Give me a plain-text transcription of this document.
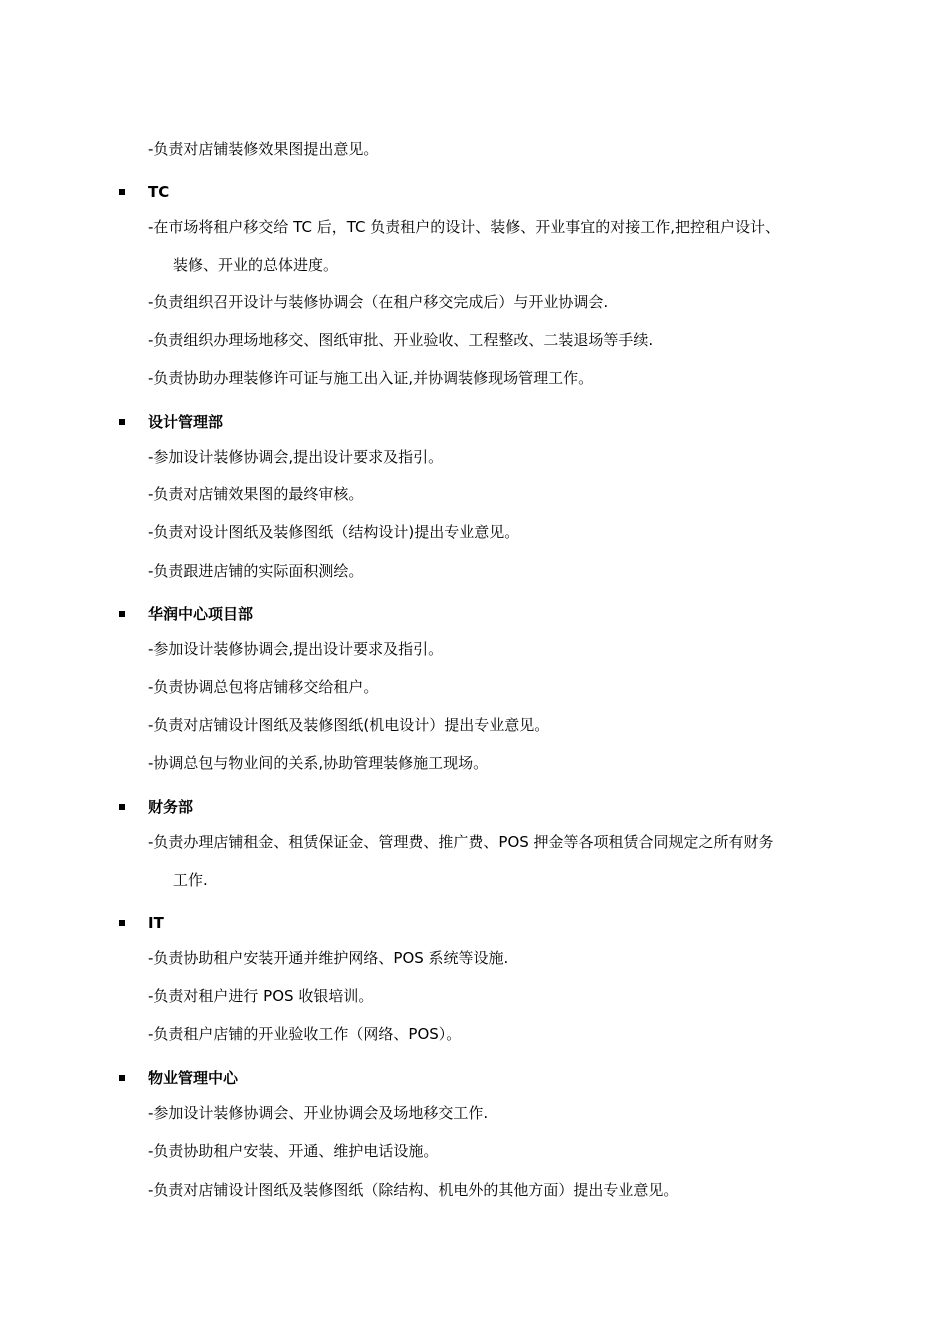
-负责对店铺装修效果图提出意见。
TC
-在市场将租户移交给 TC 后，TC 负责租户的设计、装修、开业事宜的对接工作,把控租户设计、
装修、开业的总体进度。
-负责组织召开设计与装修协调会（在租户移交完成后）与开业协调会.
-负责组织办理场地移交、图纸审批、开业验收、工程整改、二装退场等手续.
-负责协助办理装修许可证与施工出入证,并协调装修现场管理工作。
设计管理部
-参加设计装修协调会,提出设计要求及指引。
-负责对店铺效果图的最终审核。
-负责对设计图纸及装修图纸（结构设计)提出专业意见。
-负责跟进店铺的实际面积测绘。
华润中心项目部
-参加设计装修协调会,提出设计要求及指引。
-负责协调总包将店铺移交给租户。
-负责对店铺设计图纸及装修图纸(机电设计）提出专业意见。
-协调总包与物业间的关系,协助管理装修施工现场。
财务部
-负责办理店铺租金、租赁保证金、管理费、推广费、POS 押金等各项租赁合同规定之所有财务
工作.
IT
-负责协助租户安装开通并维护网络、POS 系统等设施.
-负责对租户进行 POS 收银培训。
-负责租户店铺的开业验收工作（网络、POS）。
物业管理中心
-参加设计装修协调会、开业协调会及场地移交工作.
-负责协助租户安装、开通、维护电话设施。
-负责对店铺设计图纸及装修图纸（除结构、机电外的其他方面）提出专业意见。
